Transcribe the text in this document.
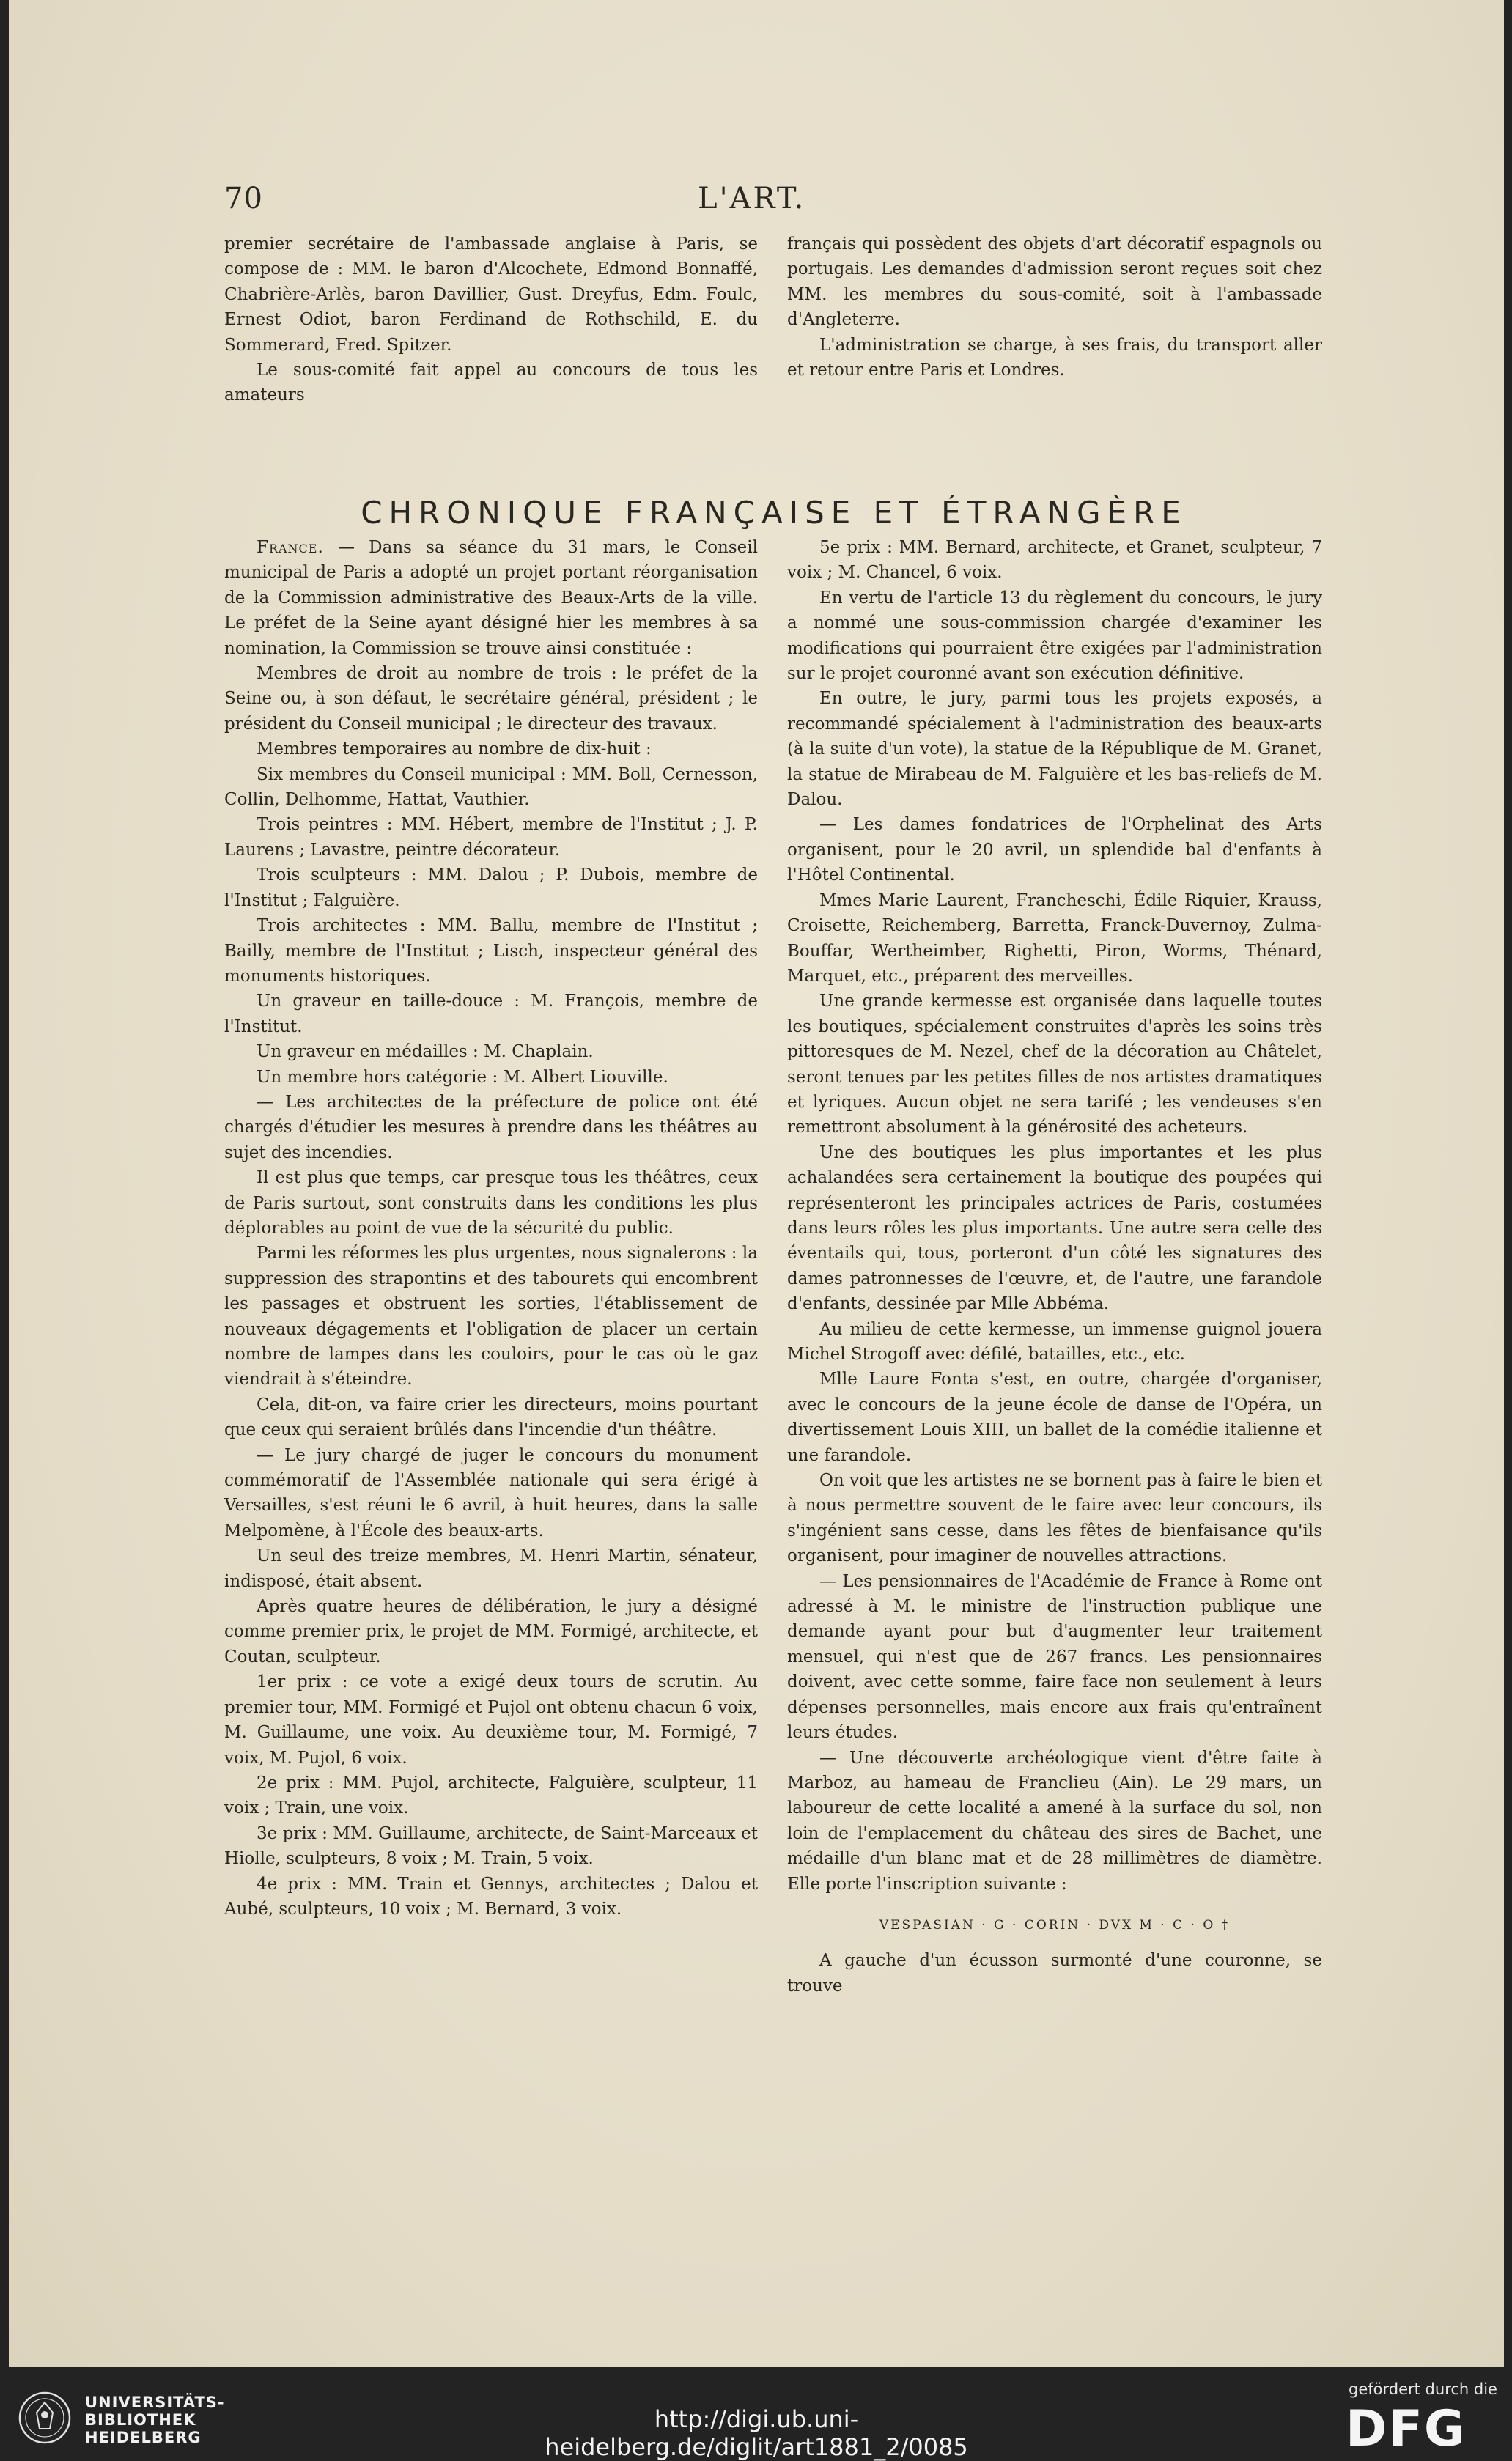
70	L'ART.

premier secrétaire de l'ambassade anglaise à Paris, se compose de : MM. le baron d'Alcochete, Edmond Bonnaffé, Chabrière-Arlès, baron Davillier, Gust. Dreyfus, Edm. Foulc, Ernest Odiot, baron Ferdinand de Rothschild, E. du Sommerard, Fred. Spitzer.

Le sous-comité fait appel au concours de tous les amateurs

français qui possèdent des objets d'art décoratif espagnols ou portugais. Les demandes d'admission seront reçues soit chez MM. les membres du sous-comité, soit à l'ambassade d'Angleterre.

L'administration se charge, à ses frais, du transport aller et retour entre Paris et Londres.

CHRONIQUE FRANÇAISE ET ÉTRANGÈRE

France. — Dans sa séance du 31 mars, le Conseil municipal de Paris a adopté un projet portant réorganisation de la Commission administrative des Beaux-Arts de la ville. Le préfet de la Seine ayant désigné hier les membres à sa nomination, la Commission se trouve ainsi constituée :

Membres de droit au nombre de trois : le préfet de la Seine ou, à son défaut, le secrétaire général, président ; le président du Conseil municipal ; le directeur des travaux.

Membres temporaires au nombre de dix-huit :

Six membres du Conseil municipal : MM. Boll, Cernesson, Collin, Delhomme, Hattat, Vauthier.

Trois peintres : MM. Hébert, membre de l'Institut ; J. P. Laurens ; Lavastre, peintre décorateur.

Trois sculpteurs : MM. Dalou ; P. Dubois, membre de l'Institut ; Falguière.

Trois architectes : MM. Ballu, membre de l'Institut ; Bailly, membre de l'Institut ; Lisch, inspecteur général des monuments historiques.

Un graveur en taille-douce : M. François, membre de l'Institut.

Un graveur en médailles : M. Chaplain.

Un membre hors catégorie : M. Albert Liouville.

— Les architectes de la préfecture de police ont été chargés d'étudier les mesures à prendre dans les théâtres au sujet des incendies.

Il est plus que temps, car presque tous les théâtres, ceux de Paris surtout, sont construits dans les conditions les plus déplorables au point de vue de la sécurité du public.

Parmi les réformes les plus urgentes, nous signalerons : la suppression des strapontins et des tabourets qui encombrent les passages et obstruent les sorties, l'établissement de nouveaux dégagements et l'obligation de placer un certain nombre de lampes dans les couloirs, pour le cas où le gaz viendrait à s'éteindre.

Cela, dit-on, va faire crier les directeurs, moins pourtant que ceux qui seraient brûlés dans l'incendie d'un théâtre.

— Le jury chargé de juger le concours du monument commémoratif de l'Assemblée nationale qui sera érigé à Versailles, s'est réuni le 6 avril, à huit heures, dans la salle Melpomène, à l'École des beaux-arts.

Un seul des treize membres, M. Henri Martin, sénateur, indisposé, était absent.

Après quatre heures de délibération, le jury a désigné comme premier prix, le projet de MM. Formigé, architecte, et Coutan, sculpteur.

1er prix : ce vote a exigé deux tours de scrutin. Au premier tour, MM. Formigé et Pujol ont obtenu chacun 6 voix, M. Guillaume, une voix. Au deuxième tour, M. Formigé, 7 voix, M. Pujol, 6 voix.

2e prix : MM. Pujol, architecte, Falguière, sculpteur, 11 voix ; Train, une voix.

3e prix : MM. Guillaume, architecte, de Saint-Marceaux et Hiolle, sculpteurs, 8 voix ; M. Train, 5 voix.

4e prix : MM. Train et Gennys, architectes ; Dalou et Aubé, sculpteurs, 10 voix ; M. Bernard, 3 voix.

5e prix : MM. Bernard, architecte, et Granet, sculpteur, 7 voix ; M. Chancel, 6 voix.

En vertu de l'article 13 du règlement du concours, le jury a nommé une sous-commission chargée d'examiner les modifications qui pourraient être exigées par l'administration sur le projet couronné avant son exécution définitive.

En outre, le jury, parmi tous les projets exposés, a recommandé spécialement à l'administration des beaux-arts (à la suite d'un vote), la statue de la République de M. Granet, la statue de Mirabeau de M. Falguière et les bas-reliefs de M. Dalou.

— Les dames fondatrices de l'Orphelinat des Arts organisent, pour le 20 avril, un splendide bal d'enfants à l'Hôtel Continental.

Mmes Marie Laurent, Francheschi, Édile Riquier, Krauss, Croisette, Reichemberg, Barretta, Franck-Duvernoy, Zulma-Bouffar, Wertheimber, Righetti, Piron, Worms, Thénard, Marquet, etc., préparent des merveilles.

Une grande kermesse est organisée dans laquelle toutes les boutiques, spécialement construites d'après les soins très pittoresques de M. Nezel, chef de la décoration au Châtelet, seront tenues par les petites filles de nos artistes dramatiques et lyriques. Aucun objet ne sera tarifé ; les vendeuses s'en remettront absolument à la générosité des acheteurs.

Une des boutiques les plus importantes et les plus achalandées sera certainement la boutique des poupées qui représenteront les principales actrices de Paris, costumées dans leurs rôles les plus importants. Une autre sera celle des éventails qui, tous, porteront d'un côté les signatures des dames patronnesses de l'œuvre, et, de l'autre, une farandole d'enfants, dessinée par Mlle Abbéma.

Au milieu de cette kermesse, un immense guignol jouera Michel Strogoff avec défilé, batailles, etc., etc.

Mlle Laure Fonta s'est, en outre, chargée d'organiser, avec le concours de la jeune école de danse de l'Opéra, un divertissement Louis XIII, un ballet de la comédie italienne et une farandole.

On voit que les artistes ne se bornent pas à faire le bien et à nous permettre souvent de le faire avec leur concours, ils s'ingénient sans cesse, dans les fêtes de bienfaisance qu'ils organisent, pour imaginer de nouvelles attractions.

— Les pensionnaires de l'Académie de France à Rome ont adressé à M. le ministre de l'instruction publique une demande ayant pour but d'augmenter leur traitement mensuel, qui n'est que de 267 francs. Les pensionnaires doivent, avec cette somme, faire face non seulement à leurs dépenses personnelles, mais encore aux frais qu'entraînent leurs études.

— Une découverte archéologique vient d'être faite à Marboz, au hameau de Franclieu (Ain). Le 29 mars, un laboureur de cette localité a amené à la surface du sol, non loin de l'emplacement du château des sires de Bachet, une médaille d'un blanc mat et de 28 millimètres de diamètre. Elle porte l'inscription suivante :

VESPASIAN · G · CORIN · DVX M · C · O †

A gauche d'un écusson surmonté d'une couronne, se trouve

UNIVERSITÄTS-
BIBLIOTHEK
HEIDELBERG
http://digi.ub.uni-heidelberg.de/diglit/art1881_2/0085
gefördert durch die
DFG
